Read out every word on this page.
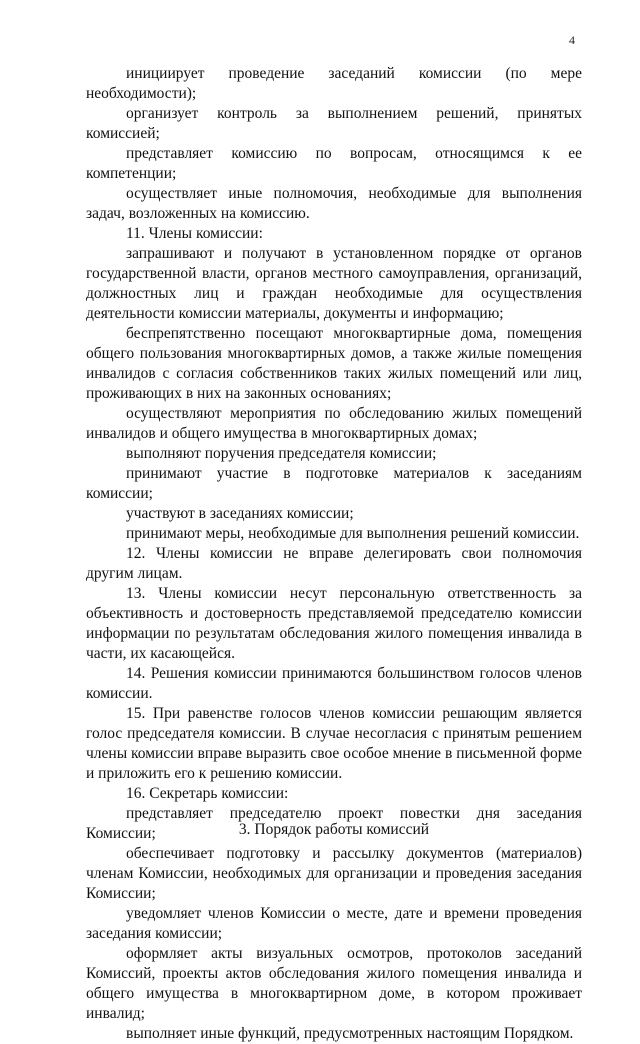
4

инициирует проведение заседаний комиссии (по мере необходимости);

организует контроль за выполнением решений, принятых комиссией;

представляет комиссию по вопросам, относящимся к ее компетенции;

осуществляет иные полномочия, необходимые для выполнения задач, возложенных на комиссию.

11. Члены комиссии:

запрашивают и получают в установленном порядке от органов государственной власти, органов местного самоуправления, организаций, должностных лиц и граждан необходимые для осуществления деятельности комиссии материалы, документы и информацию;

беспрепятственно посещают многоквартирные дома, помещения общего пользования многоквартирных домов, а также жилые помещения инвалидов с согласия собственников таких жилых помещений или лиц, проживающих в них на законных основаниях;

осуществляют мероприятия по обследованию жилых помещений инвалидов и общего имущества в многоквартирных домах;

выполняют поручения председателя комиссии;

принимают участие в подготовке материалов к заседаниям комиссии;

участвуют в заседаниях комиссии;

принимают меры, необходимые для выполнения решений комиссии.

12. Члены комиссии не вправе делегировать свои полномочия другим лицам.

13. Члены комиссии несут персональную ответственность за объективность и достоверность представляемой председателю комиссии информации по результатам обследования жилого помещения инвалида в части, их касающейся.

14. Решения комиссии принимаются большинством голосов членов комиссии.

15. При равенстве голосов членов комиссии решающим является голос председателя комиссии. В случае несогласия с принятым решением члены комиссии вправе выразить свое особое мнение в письменной форме и приложить его к решению комиссии.

16. Секретарь комиссии:

представляет председателю проект повестки дня заседания Комиссии;

обеспечивает подготовку и рассылку документов (материалов) членам Комиссии, необходимых для организации и проведения заседания Комиссии;

уведомляет членов Комиссии о месте, дате и времени проведения заседания комиссии;

оформляет акты визуальных осмотров, протоколов заседаний Комиссий, проекты актов обследования жилого помещения инвалида и общего имущества в многоквартирном доме, в котором проживает инвалид;

выполняет иные функций, предусмотренных настоящим Порядком.

3. Порядок работы комиссий
